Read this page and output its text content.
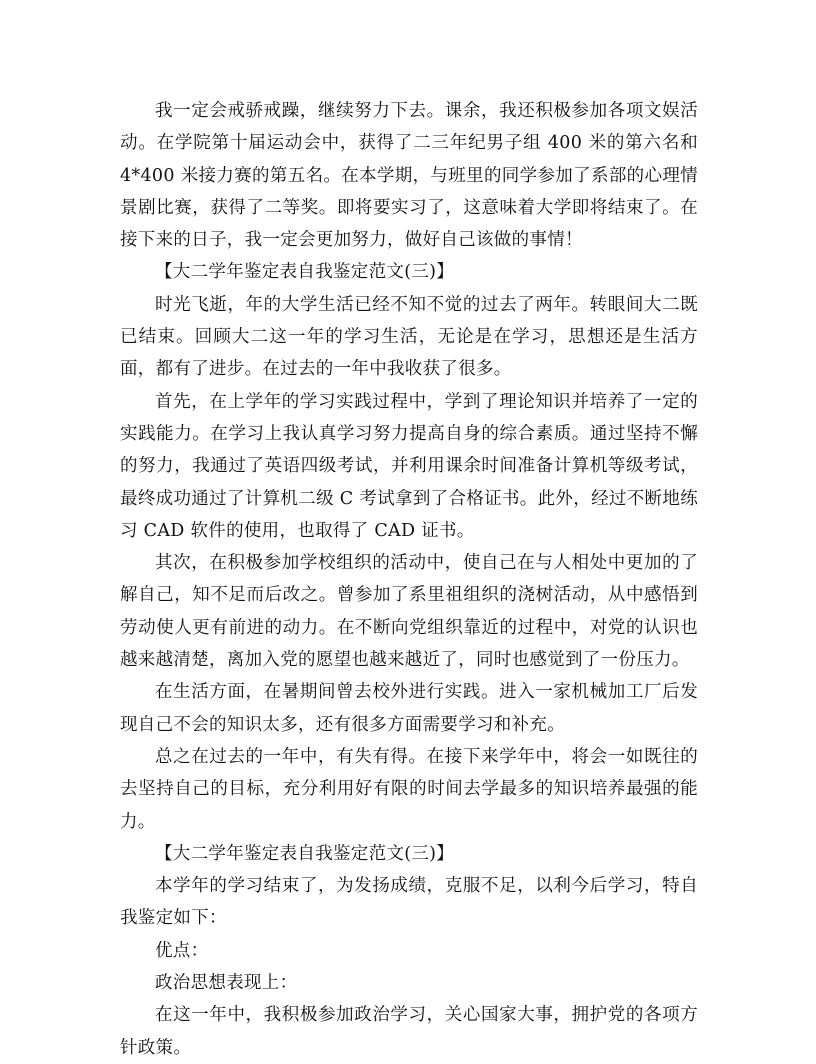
我一定会戒骄戒躁，继续努力下去。课余，我还积极参加各项文娱活动。在学院第十届运动会中，获得了二三年纪男子组 400 米的第六名和 4*400 米接力赛的第五名。在本学期，与班里的同学参加了系部的心理情景剧比赛，获得了二等奖。即将要实习了，这意味着大学即将结束了。在接下来的日子，我一定会更加努力，做好自己该做的事情！

【大二学年鉴定表自我鉴定范文(三)】

时光飞逝，年的大学生活已经不知不觉的过去了两年。转眼间大二既已结束。回顾大二这一年的学习生活，无论是在学习，思想还是生活方面，都有了进步。在过去的一年中我收获了很多。

首先，在上学年的学习实践过程中，学到了理论知识并培养了一定的实践能力。在学习上我认真学习努力提高自身的综合素质。通过坚持不懈的努力，我通过了英语四级考试，并利用课余时间准备计算机等级考试，最终成功通过了计算机二级 C 考试拿到了合格证书。此外，经过不断地练习 CAD 软件的使用，也取得了 CAD 证书。

其次，在积极参加学校组织的活动中，使自己在与人相处中更加的了解自己，知不足而后改之。曾参加了系里祖组织的浇树活动，从中感悟到劳动使人更有前进的动力。在不断向党组织靠近的过程中，对党的认识也越来越清楚，离加入党的愿望也越来越近了，同时也感觉到了一份压力。

在生活方面，在暑期间曾去校外进行实践。进入一家机械加工厂后发现自己不会的知识太多，还有很多方面需要学习和补充。

总之在过去的一年中，有失有得。在接下来学年中，将会一如既往的去坚持自己的目标，充分利用好有限的时间去学最多的知识培养最强的能力。

【大二学年鉴定表自我鉴定范文(三)】

本学年的学习结束了，为发扬成绩，克服不足，以利今后学习，特自我鉴定如下：

优点：

政治思想表现上：

在这一年中，我积极参加政治学习，关心国家大事，拥护党的各项方针政策。
